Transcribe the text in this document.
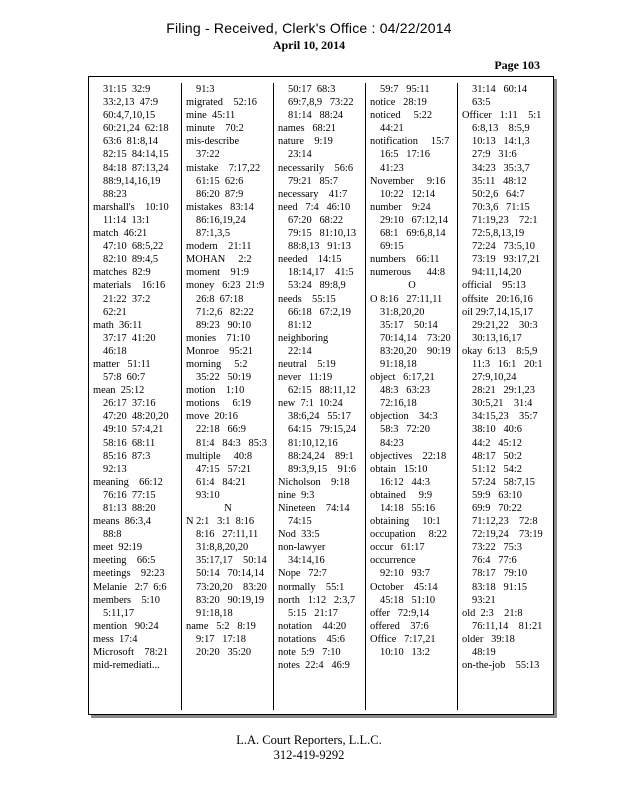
Filing - Received, Clerk's Office : 04/22/2014
April 10, 2014
Page 103
31:15  32:9
33:2,13  47:9
60:4,7,10,15
60:21,24  62:18
63:6  81:8,14
82:15  84:14,15
84:18  87:13,24
88:9,14,16,19
88:23
marshall's    10:10
11:14  13:1
match  46:21
47:10  68:5,22
82:10  89:4,5
matches  82:9
materials    16:16
21:22  37:2
62:21
math  36:11
37:17  41:20
46:18
matter   51:11
57:8  60:7
mean  25:12
26:17  37:16
47:20  48:20,20
49:10  57:4,21
58:16  68:11
85:16  87:3
92:13
meaning    66:12
76:16  77:15
81:13  88:20
means  86:3,4
88:8
meet  92:19
meeting    66:5
meetings    92:23
Melanie   2:7  6:6
members    5:10
5:11,17
mention   90:24
mess  17:4
Microsoft    78:21
mid-remediati...
91:3
migrated    52:16
mine  45:11
minute    70:2
mis-describe
37:22
mistake    7:17,22
61:15  62:6
86:20  87:9
mistakes   83:14
86:16,19,24
87:1,3,5
modern    21:11
MOHAN     2:2
moment    91:9
money   6:23  21:9
26:8  67:18
71:2,6   82:22
89:23   90:10
monies    71:10
Monroe    95:21
morning     5:2
35:22   50:19
motion    1:10
motions     6:19
move  20:16
22:18   66:9
81:4   84:3   85:3
multiple     40:8
47:15   57:21
61:4   84:21
93:10
N
N 2:1   3:1  8:16
8:16   27:11,11
31:8,8,20,20
35:17,17    50:14
50:14   70:14,14
73:20,20    83:20
83:20   90:19,19
91:18,18
name   5:2   8:19
9:17   17:18
20:20   35:20
50:17  68:3
69:7,8,9   73:22
81:14   88:24
names   68:21
nature    9:19
23:14
necessarily    56:6
79:21   85:7
necessary    41:7
need   7:4   46:10
67:20   68:22
79:15   81:10,13
88:8,13   91:13
needed    14:15
18:14,17    41:5
53:24   89:8,9
needs    55:15
66:18   67:2,19
81:12
neighboring
22:14
neutral    5:19
never   11:19
62:15   88:11,12
new  7:1  10:24
38:6,24   55:17
64:15   79:15,24
81:10,12,16
88:24,24    89:1
89:3,9,15    91:6
Nicholson    9:18
nine  9:3
Nineteen    74:14
74:15
Nod  33:5
non-lawyer
34:14,16
Nope   72:7
normally    55:1
north   1:12   2:3,7
5:15   21:17
notation    44:20
notations    45:6
note  5:9   7:10
notes  22:4   46:9
59:7   95:11
notice   28:19
noticed     5:22
44:21
notification     15:7
16:5   17:16
41:23
November     9:16
10:22   12:14
number    9:24
29:10   67:12,14
68:1   69:6,8,14
69:15
numbers    66:11
numerous      44:8
O
O 8:16   27:11,11
31:8,20,20
35:17    50:14
70:14,14    73:20
83:20,20    90:19
91:18,18
object   6:17,21
48:3   63:23
72:16,18
objection    34:3
58:3   72:20
84:23
objectives    22:18
obtain   15:10
16:12   44:3
obtained     9:9
14:18   55:16
obtaining     10:1
occupation     8:22
occur   61:17
occurrence
92:10   93:7
October    45:14
45:18   51:10
offer   72:9,14
offered    37:6
Office   7:17,21
10:10   13:2
31:14   60:14
63:5
Officer   1:11    5:1
6:8,13    8:5,9
10:13   14:1,3
27:9   31:6
34:23   35:3,7
35:11   48:12
50:2,6   64:7
70:3,6   71:15
71:19,23    72:1
72:5,8,13,19
72:24   73:5,10
73:19   93:17,21
94:11,14,20
official    95:13
offsite   20:16,16
oil 29:7,14,15,17
29:21,22    30:3
30:13,16,17
okay  6:13    8:5,9
11:3   16:1   20:1
27:9,10,24
28:21   29:1,23
30:5,21    31:4
34:15,23    35:7
38:10   40:6
44:2   45:12
48:17   50:2
51:12   54:2
57:24   58:7,15
59:9   63:10
69:9   70:22
71:12,23    72:8
72:19,24    73:19
73:22   75:3
76:4   77:6
78:17   79:10
83:18   91:15
93:21
old  2:3    21:8
76:11,14    81:21
older   39:18
48:19
on-the-job    55:13
L.A. Court Reporters, L.L.C.
312-419-9292
